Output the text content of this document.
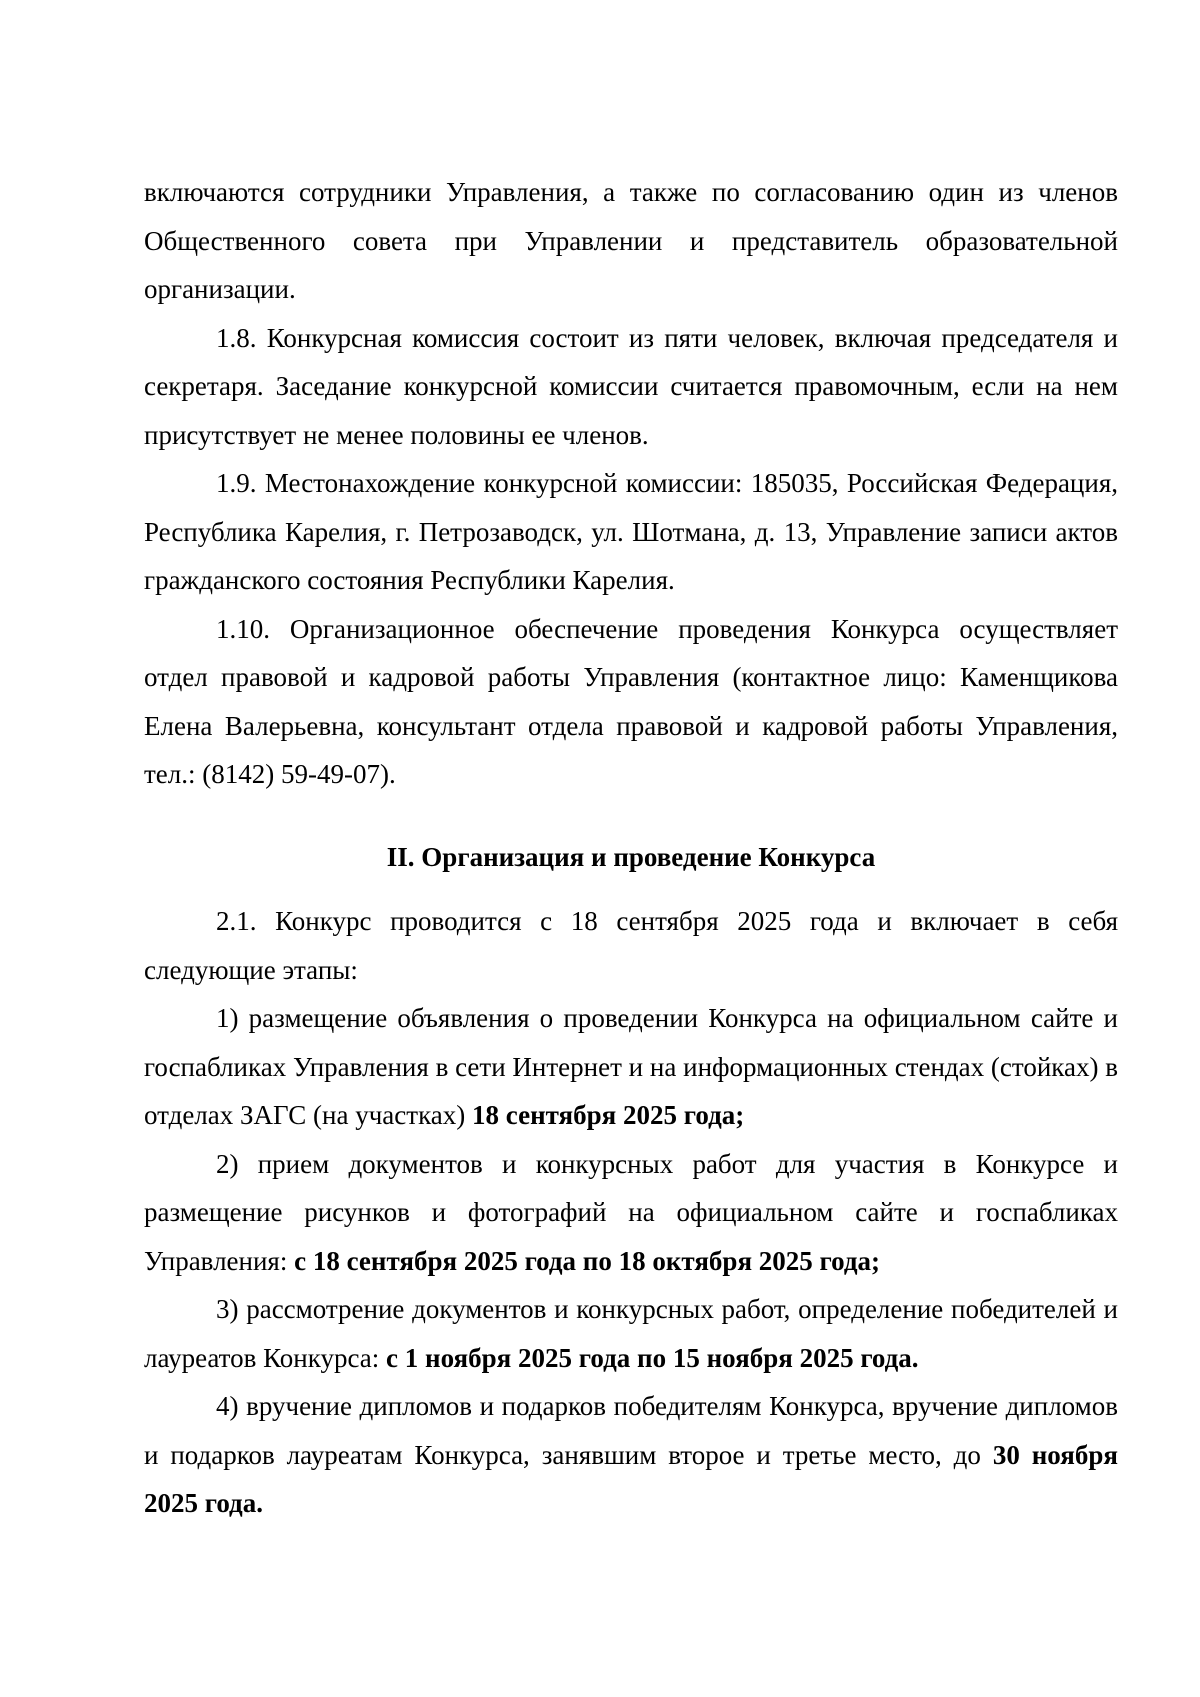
включаются сотрудники Управления, а также по согласованию один из членов Общественного совета при Управлении и представитель образовательной организации.

1.8. Конкурсная комиссия состоит из пяти человек, включая председателя и секретаря. Заседание конкурсной комиссии считается правомочным, если на нем присутствует не менее половины ее членов.

1.9. Местонахождение конкурсной комиссии: 185035, Российская Федерация, Республика Карелия, г. Петрозаводск, ул. Шотмана, д. 13, Управление записи актов гражданского состояния Республики Карелия.

1.10. Организационное обеспечение проведения Конкурса осуществляет отдел правовой и кадровой работы Управления (контактное лицо: Каменщикова Елена Валерьевна, консультант отдела правовой и кадровой работы Управления, тел.: (8142) 59-49-07).

II. Организация и проведение Конкурса

2.1. Конкурс проводится с 18 сентября 2025 года и включает в себя следующие этапы:

1) размещение объявления о проведении Конкурса на официальном сайте и госпабликах Управления в сети Интернет и на информационных стендах (стойках) в отделах ЗАГС (на участках) 18 сентября 2025 года;

2) прием документов и конкурсных работ для участия в Конкурсе и размещение рисунков и фотографий на официальном сайте и госпабликах Управления: с 18 сентября 2025 года по 18 октября 2025 года;

3) рассмотрение документов и конкурсных работ, определение победителей и лауреатов Конкурса: с 1 ноября 2025 года по 15 ноября 2025 года.

4) вручение дипломов и подарков победителям Конкурса, вручение дипломов и подарков лауреатам Конкурса, занявшим второе и третье место, до 30 ноября 2025 года.
